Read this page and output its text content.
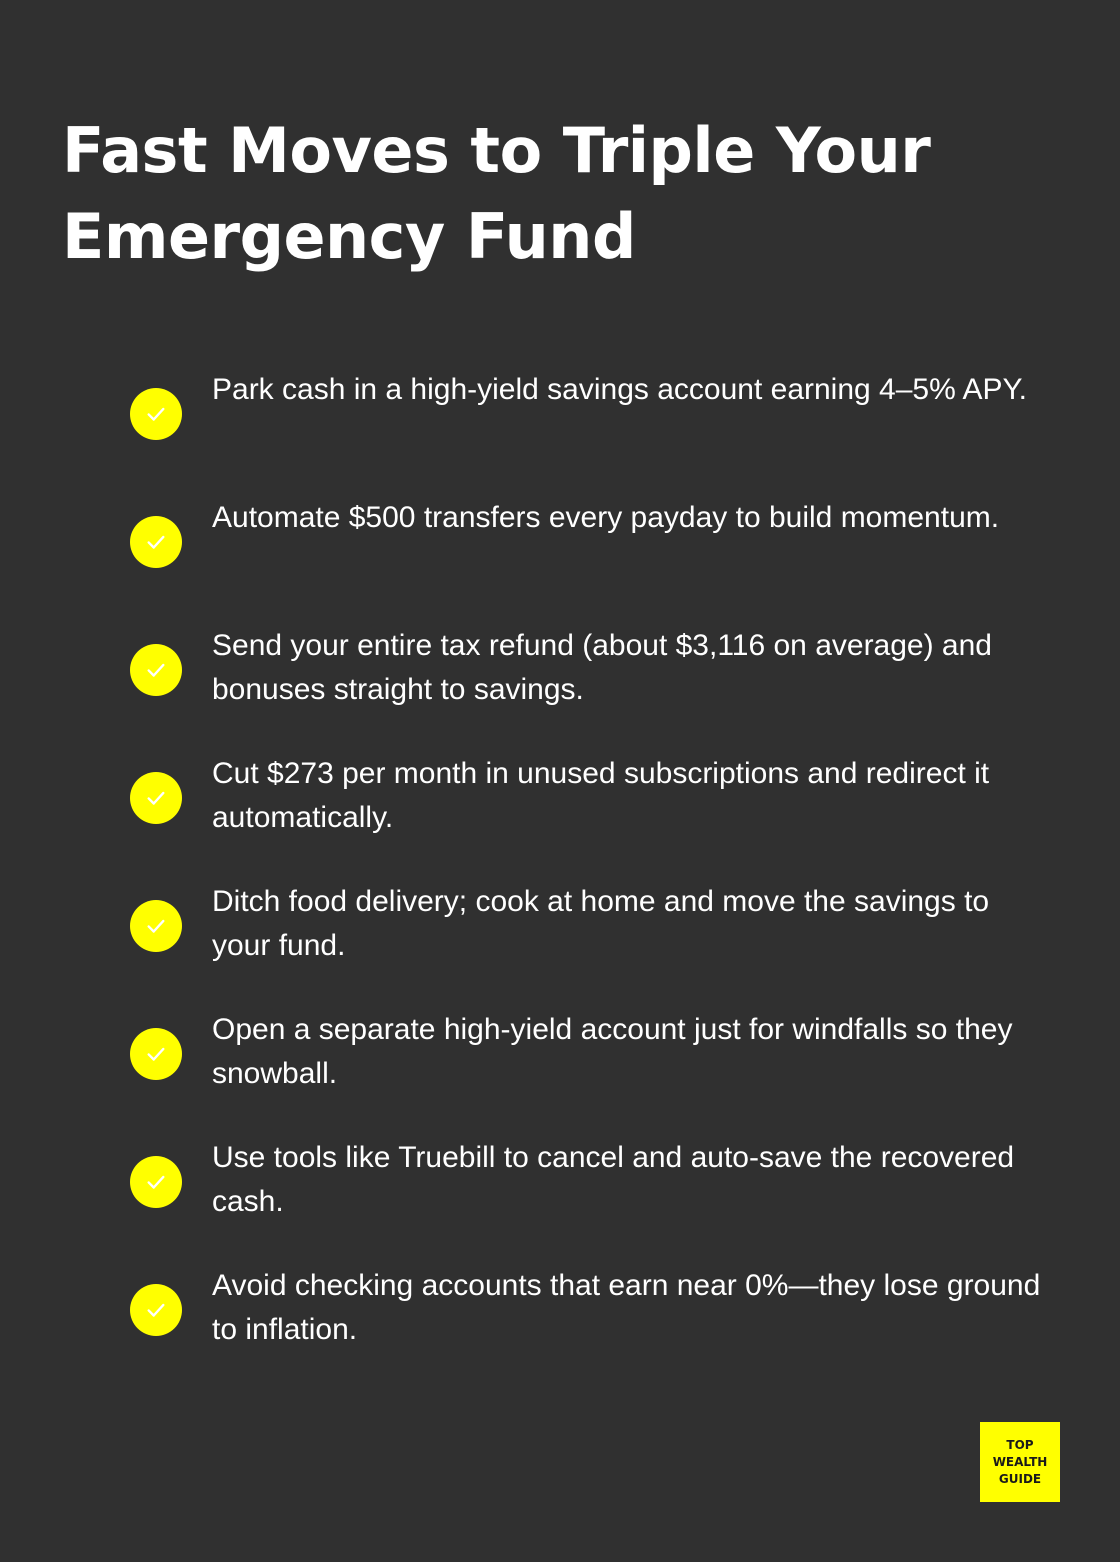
Fast Moves to Triple Your Emergency Fund
Park cash in a high-yield savings account earning 4–5% APY.
Automate $500 transfers every payday to build momentum.
Send your entire tax refund (about $3,116 on average) and bonuses straight to savings.
Cut $273 per month in unused subscriptions and redirect it automatically.
Ditch food delivery; cook at home and move the savings to your fund.
Open a separate high-yield account just for windfalls so they snowball.
Use tools like Truebill to cancel and auto-save the recovered cash.
Avoid checking accounts that earn near 0%—they lose ground to inflation.
TOP
WEALTH
GUIDE
